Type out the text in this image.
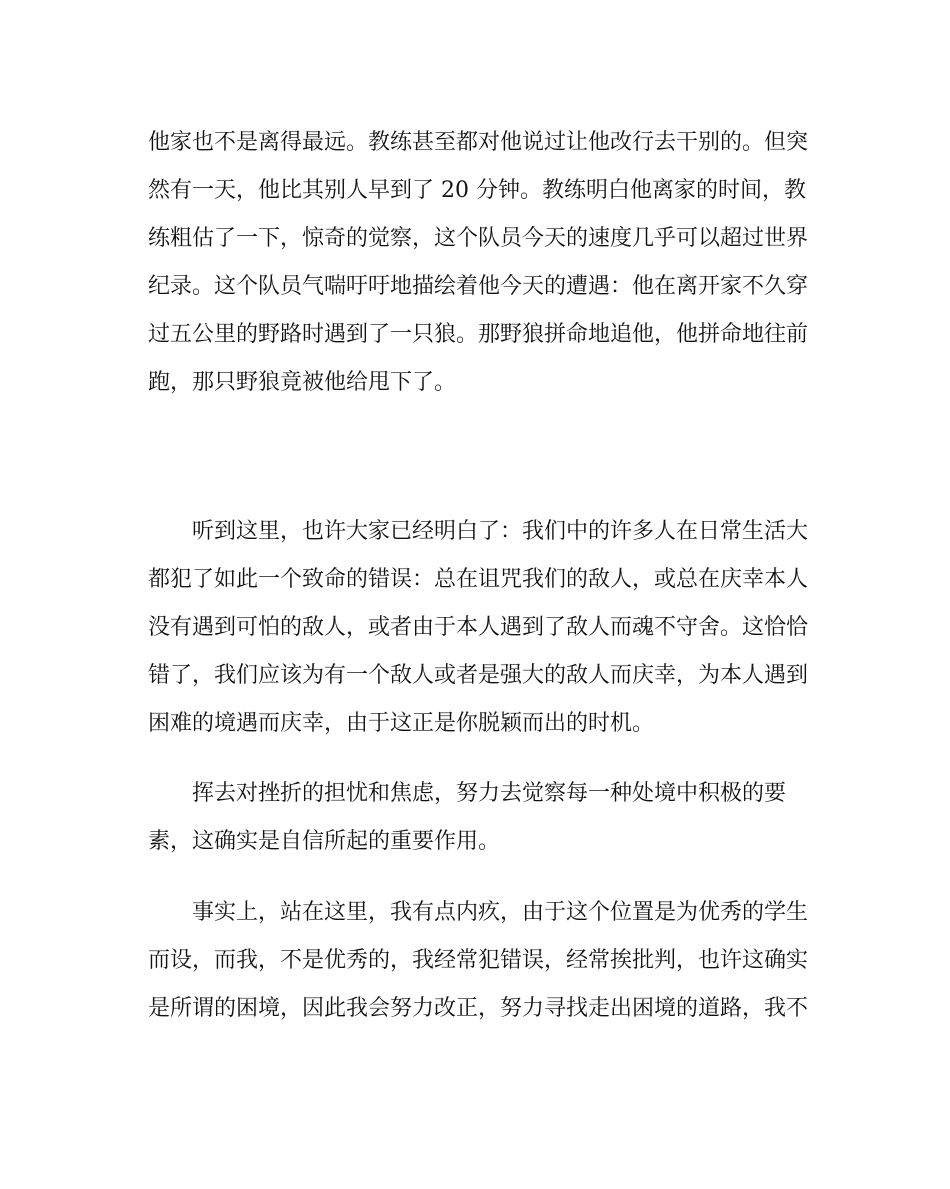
他家也不是离得最远。教练甚至都对他说过让他改行去干别的。但突
然有一天，他比其别人早到了 20 分钟。教练明白他离家的时间，教
练粗估了一下，惊奇的觉察，这个队员今天的速度几乎可以超过世界
纪录。这个队员气喘吁吁地描绘着他今天的遭遇：他在离开家不久穿
过五公里的野路时遇到了一只狼。那野狼拼命地追他，他拼命地往前
跑，那只野狼竟被他给甩下了。
听到这里，也许大家已经明白了：我们中的许多人在日常生活大
都犯了如此一个致命的错误：总在诅咒我们的敌人，或总在庆幸本人
没有遇到可怕的敌人，或者由于本人遇到了敌人而魂不守舍。这恰恰
错了，我们应该为有一个敌人或者是强大的敌人而庆幸，为本人遇到
困难的境遇而庆幸，由于这正是你脱颖而出的时机。
挥去对挫折的担忧和焦虑，努力去觉察每一种处境中积极的要
素，这确实是自信所起的重要作用。
事实上，站在这里，我有点内疚，由于这个位置是为优秀的学生
而设，而我，不是优秀的，我经常犯错误，经常挨批判，也许这确实
是所谓的困境，因此我会努力改正，努力寻找走出困境的道路，我不
